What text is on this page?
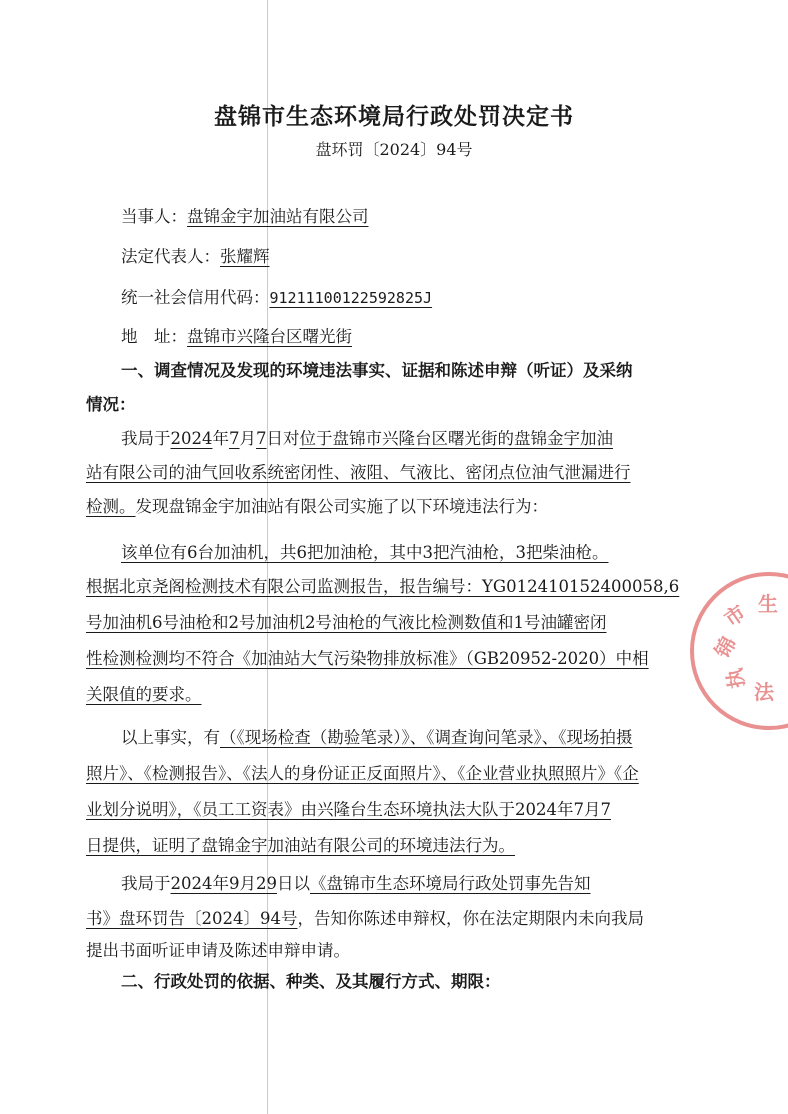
盘锦市生态环境局行政处罚决定书
盘环罚〔2024〕94号
当事人：盘锦金宇加油站有限公司
法定代表人：张耀辉
统一社会信用代码：91211100122592825J
地　址：盘锦市兴隆台区曙光街
一、调查情况及发现的环境违法事实、证据和陈述申辩（听证）及采纳
情况：
我局于2024年7月7日对位于盘锦市兴隆台区曙光街的盘锦金宇加油
站有限公司的油气回收系统密闭性、液阻、气液比、密闭点位油气泄漏进行
检测。发现盘锦金宇加油站有限公司实施了以下环境违法行为：
该单位有6台加油机，共6把加油枪，其中3把汽油枪，3把柴油枪。
根据北京尧阁检测技术有限公司监测报告，报告编号：YG012410152400058,6
号加油机6号油枪和2号加油机2号油枪的气液比检测数值和1号油罐密闭
性检测检测均不符合《加油站大气污染物排放标准》（GB20952-2020）中相
关限值的要求。
以上事实，有（《现场检查（勘验笔录）》、《调查询问笔录》、《现场拍摄
照片》、《检测报告》、《法人的身份证正反面照片》、《企业营业执照照片》《企
业划分说明》，《员工工资表》由兴隆台生态环境执法大队于2024年7月7
日提供，证明了盘锦金宇加油站有限公司的环境违法行为。
我局于2024年9月29日以《盘锦市生态环境局行政处罚事先告知
书》盘环罚告〔2024〕94号，告知你陈述申辩权，你在法定期限内未向我局
提出书面听证申请及陈述申辩申请。
二、行政处罚的依据、种类、及其履行方式、期限：
市 生
锦
执
法
